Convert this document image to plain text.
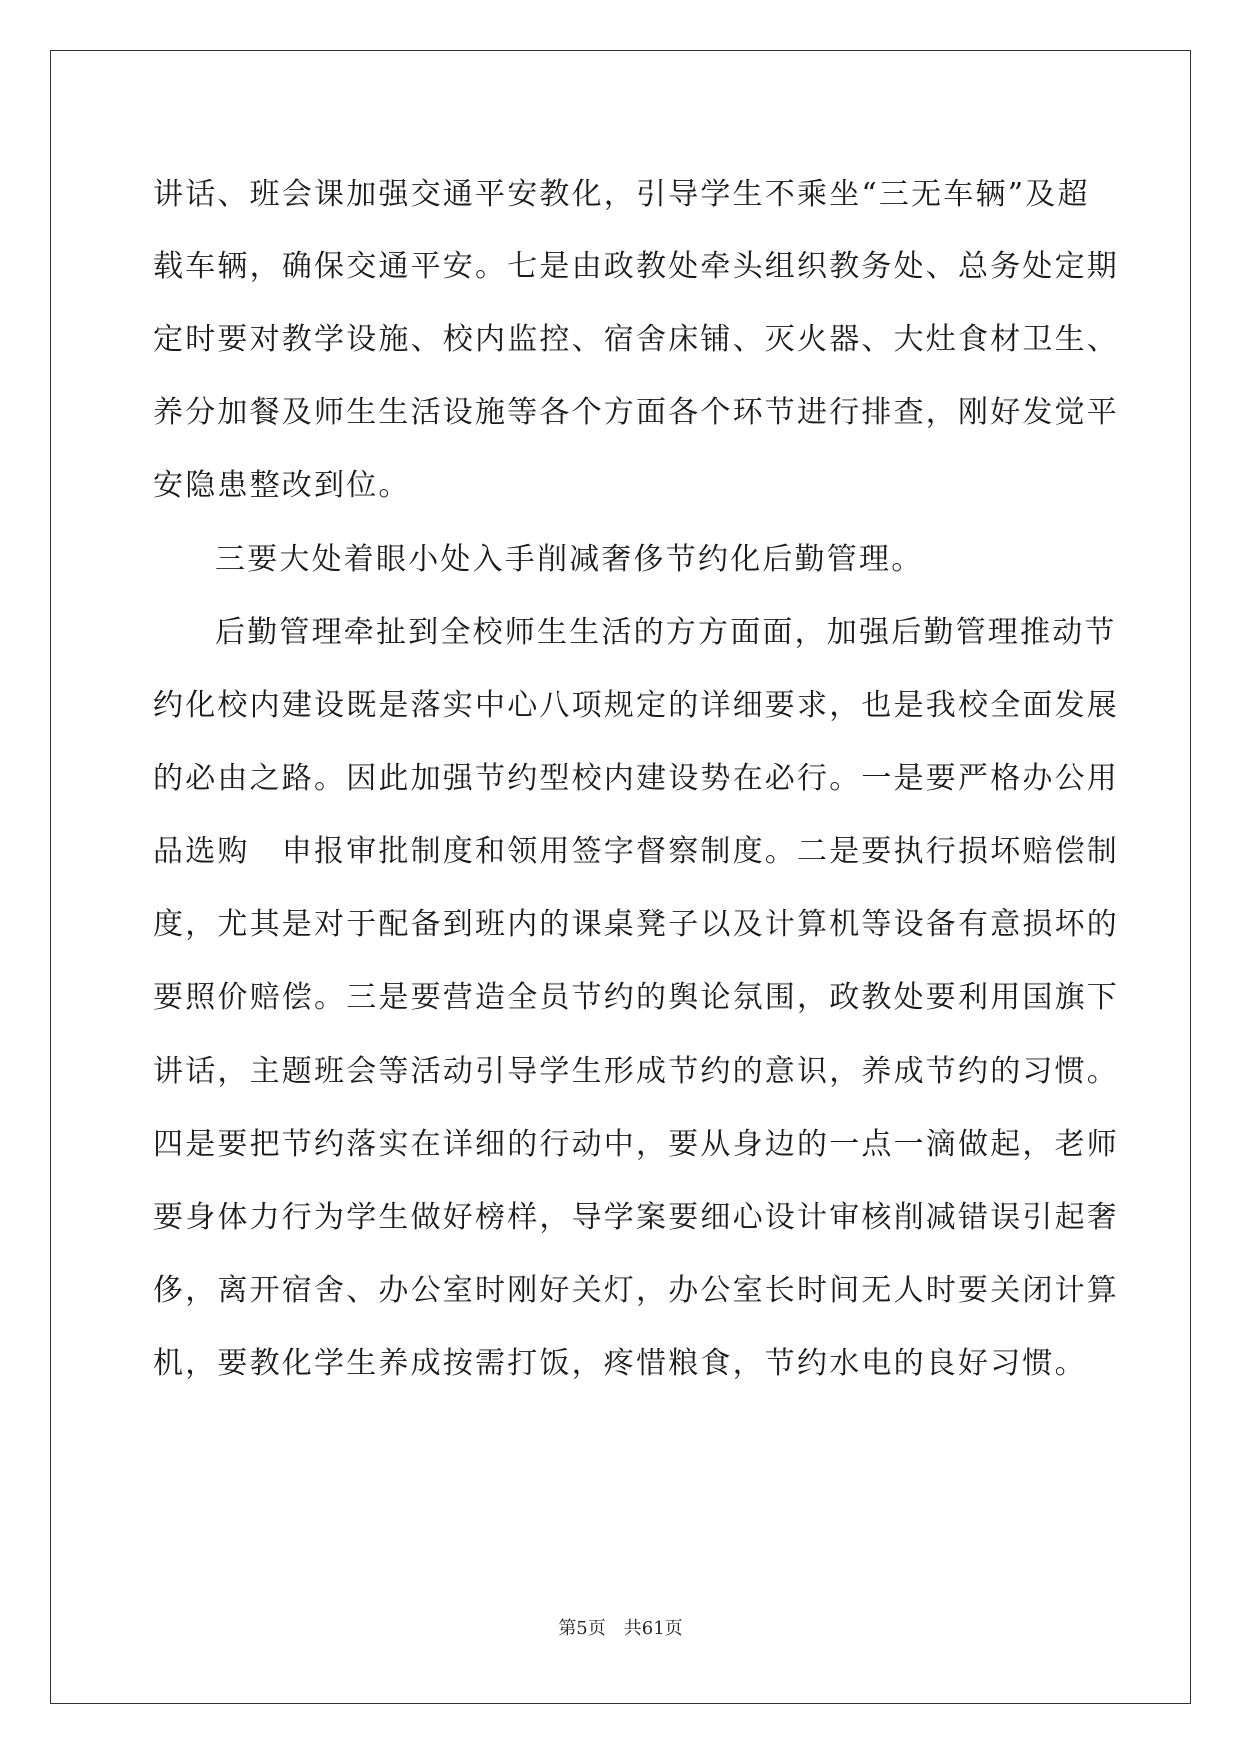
讲话、班会课加强交通平安教化，引导学生不乘坐“三无车辆”及超
载车辆，确保交通平安。七是由政教处牵头组织教务处、总务处定期
定时要对教学设施、校内监控、宿舍床铺、灭火器、大灶食材卫生、
养分加餐及师生生活设施等各个方面各个环节进行排查，刚好发觉平
安隐患整改到位。
三要大处着眼小处入手削减奢侈节约化后勤管理。
后勤管理牵扯到全校师生生活的方方面面，加强后勤管理推动节
约化校内建设既是落实中心八项规定的详细要求，也是我校全面发展
的必由之路。因此加强节约型校内建设势在必行。一是要严格办公用
品选购　申报审批制度和领用签字督察制度。二是要执行损坏赔偿制
度，尤其是对于配备到班内的课桌凳子以及计算机等设备有意损坏的
要照价赔偿。三是要营造全员节约的舆论氛围，政教处要利用国旗下
讲话，主题班会等活动引导学生形成节约的意识，养成节约的习惯。
四是要把节约落实在详细的行动中，要从身边的一点一滴做起，老师
要身体力行为学生做好榜样，导学案要细心设计审核削减错误引起奢
侈，离开宿舍、办公室时刚好关灯，办公室长时间无人时要关闭计算
机，要教化学生养成按需打饭，疼惜粮食，节约水电的良好习惯。
第5页　共61页
